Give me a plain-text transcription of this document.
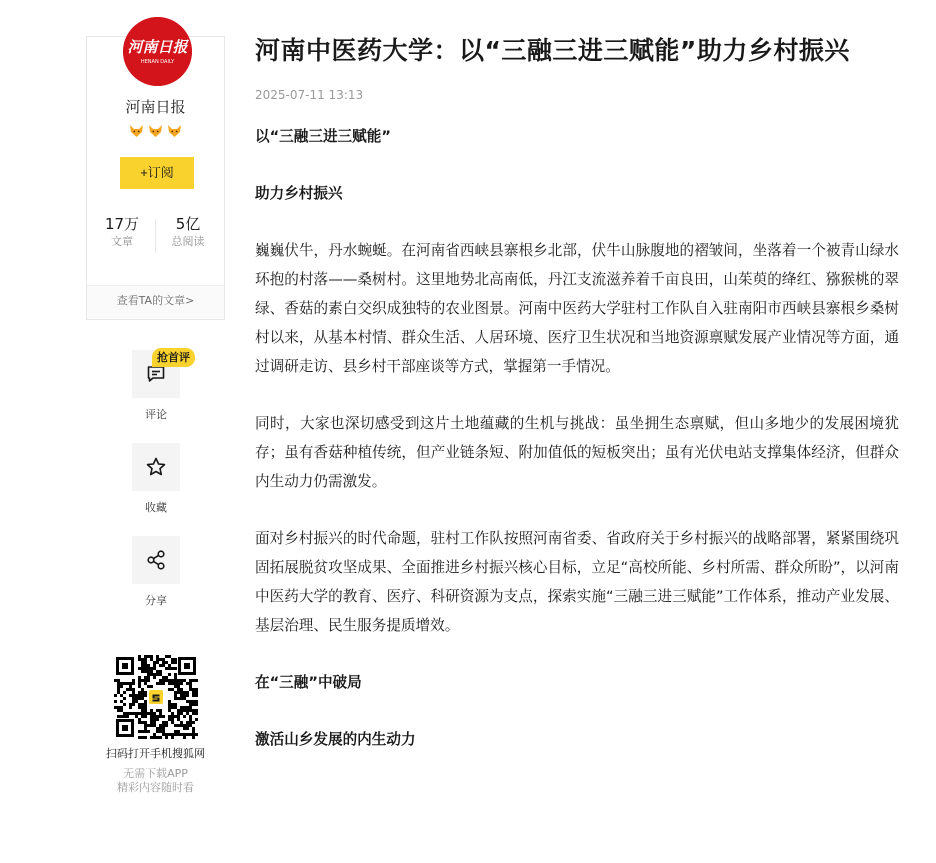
河南日报
HENAN DAILY
河南日报
+订阅
17万
文章
5亿
总阅读
查看TA的文章>
抢首评
评论
收藏
分享
扫码打开手机搜狐网
无需下载APP
精彩内容随时看
河南中医药大学：以“三融三进三赋能”助力乡村振兴
2025-07-11 13:13

以“三融三进三赋能”

助力乡村振兴

巍巍伏牛，丹水蜿蜒。在河南省西峡县寨根乡北部，伏牛山脉腹地的褶皱间，坐落着一个被青山绿水环抱的村落——桑树村。这里地势北高南低，丹江支流滋养着千亩良田，山茱萸的绛红、猕猴桃的翠绿、香菇的素白交织成独特的农业图景。河南中医药大学驻村工作队自入驻南阳市西峡县寨根乡桑树村以来，从基本村情、群众生活、人居环境、医疗卫生状况和当地资源禀赋发展产业情况等方面，通过调研走访、县乡村干部座谈等方式，掌握第一手情况。

同时，大家也深切感受到这片土地蕴藏的生机与挑战：虽坐拥生态禀赋，但山多地少的发展困境犹存；虽有香菇种植传统，但产业链条短、附加值低的短板突出；虽有光伏电站支撑集体经济，但群众内生动力仍需激发。

面对乡村振兴的时代命题，驻村工作队按照河南省委、省政府关于乡村振兴的战略部署，紧紧围绕巩固拓展脱贫攻坚成果、全面推进乡村振兴核心目标，立足“高校所能、乡村所需、群众所盼”，以河南中医药大学的教育、医疗、科研资源为支点，探索实施“三融三进三赋能”工作体系，推动产业发展、基层治理、民生服务提质增效。

在“三融”中破局

激活山乡发展的内生动力
